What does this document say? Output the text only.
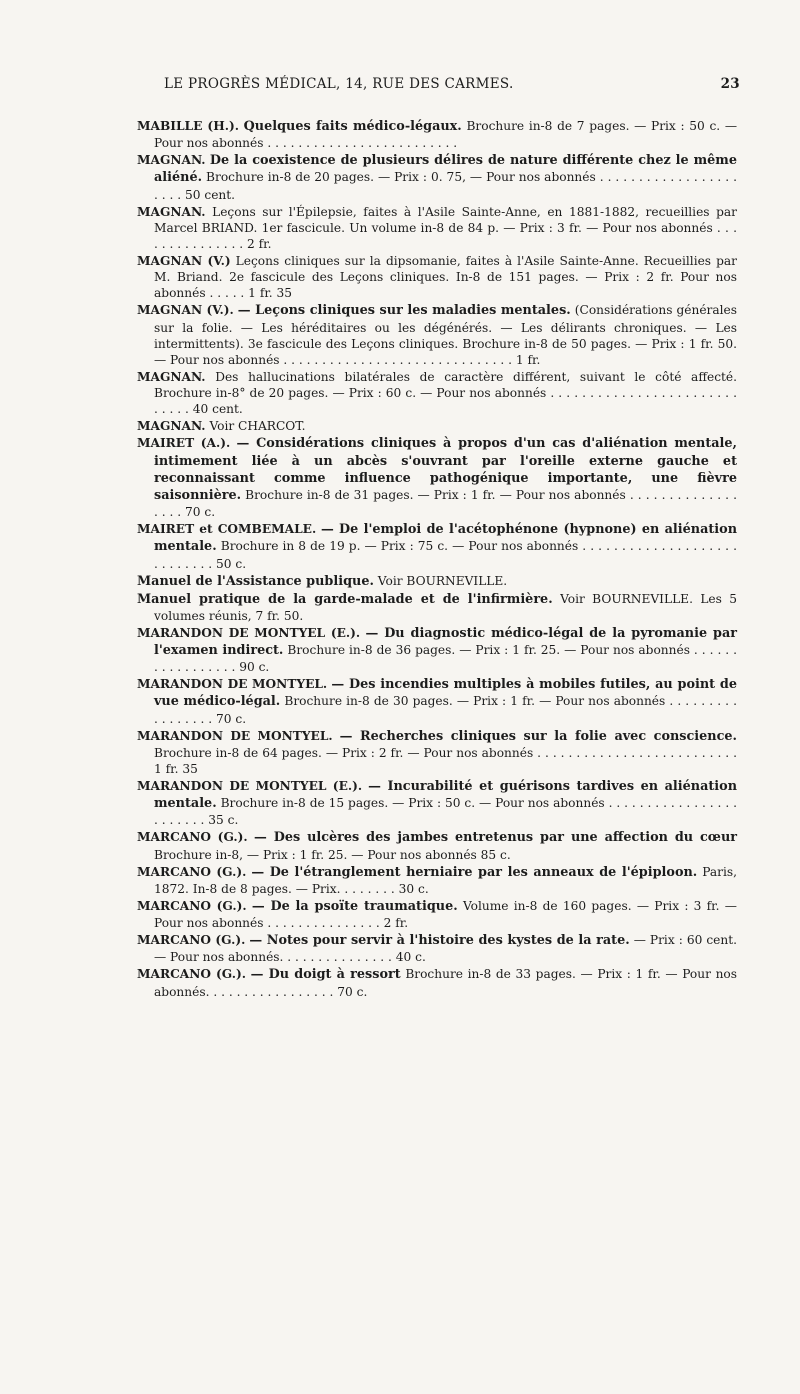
LE PROGRÈS MÉDICAL, 14, RUE DES CARMES.	23

MABILLE (H.). Quelques faits médico-légaux. Brochure in-8 de 7 pages. — Prix : 50 c. — Pour nos abonnés . . . . . . . . . . . . . . . . . . . . . . . . .

MAGNAN. De la coexistence de plusieurs délires de nature différente chez le même aliéné. Brochure in-8 de 20 pages. — Prix : 0. 75, — Pour nos abonnés . . . . . . . . . . . . . . . . . . . . . . 50 cent.

MAGNAN. Leçons sur l'Épilepsie, faites à l'Asile Sainte-Anne, en 1881-1882, recueillies par Marcel BRIAND. 1er fascicule. Un volume in-8 de 84 p. — Prix : 3 fr. — Pour nos abonnés . . . . . . . . . . . . . . . 2 fr.

MAGNAN (V.) Leçons cliniques sur la dipsomanie, faites à l'Asile Sainte-Anne. Recueillies par M. Briand. 2e fascicule des Leçons cliniques. In-8 de 151 pages. — Prix : 2 fr. Pour nos abonnés . . . . . 1 fr. 35

MAGNAN (V.). — Leçons cliniques sur les maladies mentales. (Considérations générales sur la folie. — Les héréditaires ou les dégénérés. — Les délirants chroniques. — Les intermittents). 3e fascicule des Leçons cliniques. Brochure in-8 de 50 pages. — Prix : 1 fr. 50. — Pour nos abonnés . . . . . . . . . . . . . . . . . . . . . . . . . . . . . . 1 fr.

MAGNAN. Des hallucinations bilatérales de caractère différent, suivant le côté affecté. Brochure in-8° de 20 pages. — Prix : 60 c. — Pour nos abonnés . . . . . . . . . . . . . . . . . . . . . . . . . . . . . 40 cent.

MAGNAN. Voir CHARCOT.

MAIRET (A.). — Considérations cliniques à propos d'un cas d'aliénation mentale, intimement liée à un abcès s'ouvrant par l'oreille externe gauche et reconnaissant comme influence pathogénique importante, une fièvre saisonnière. Brochure in-8 de 31 pages. — Prix : 1 fr. — Pour nos abonnés . . . . . . . . . . . . . . . . . . 70 c.

MAIRET et COMBEMALE. — De l'emploi de l'acétophénone (hypnone) en aliénation mentale. Brochure in 8 de 19 p. — Prix : 75 c. — Pour nos abonnés . . . . . . . . . . . . . . . . . . . . . . . . . . . . 50 c.

Manuel de l'Assistance publique. Voir BOURNEVILLE.

Manuel pratique de la garde-malade et de l'infirmière. Voir BOURNEVILLE. Les 5 volumes réunis, 7 fr. 50.

MARANDON DE MONTYEL (E.). — Du diagnostic médico-légal de la pyromanie par l'examen indirect. Brochure in-8 de 36 pages. — Prix : 1 fr. 25. — Pour nos abonnés . . . . . . . . . . . . . . . . . 90 c.

MARANDON DE MONTYEL. — Des incendies multiples à mobiles futiles, au point de vue médico-légal. Brochure in-8 de 30 pages. — Prix : 1 fr. — Pour nos abonnés . . . . . . . . . . . . . . . . . 70 c.

MARANDON DE MONTYEL. — Recherches cliniques sur la folie avec conscience. Brochure in-8 de 64 pages. — Prix : 2 fr. — Pour nos abonnés . . . . . . . . . . . . . . . . . . . . . . . . . . 1 fr. 35

MARANDON DE MONTYEL (E.). — Incurabilité et guérisons tardives en aliénation mentale. Brochure in-8 de 15 pages. — Prix : 50 c. — Pour nos abonnés . . . . . . . . . . . . . . . . . . . . . . . . 35 c.

MARCANO (G.). — Des ulcères des jambes entretenus par une affection du cœur Brochure in-8, — Prix : 1 fr. 25. — Pour nos abonnés 85 c.

MARCANO (G.). — De l'étranglement herniaire par les anneaux de l'épiploon. Paris, 1872. In-8 de 8 pages. — Prix. . . . . . . . 30 c.

MARCANO (G.). — De la psoïte traumatique. Volume in-8 de 160 pages. — Prix : 3 fr. — Pour nos abonnés . . . . . . . . . . . . . . . 2 fr.

MARCANO (G.). — Notes pour servir à l'histoire des kystes de la rate. — Prix : 60 cent. — Pour nos abonnés. . . . . . . . . . . . . . . 40 c.

MARCANO (G.). — Du doigt à ressort Brochure in-8 de 33 pages. — Prix : 1 fr. — Pour nos abonnés. . . . . . . . . . . . . . . . . 70 c.
